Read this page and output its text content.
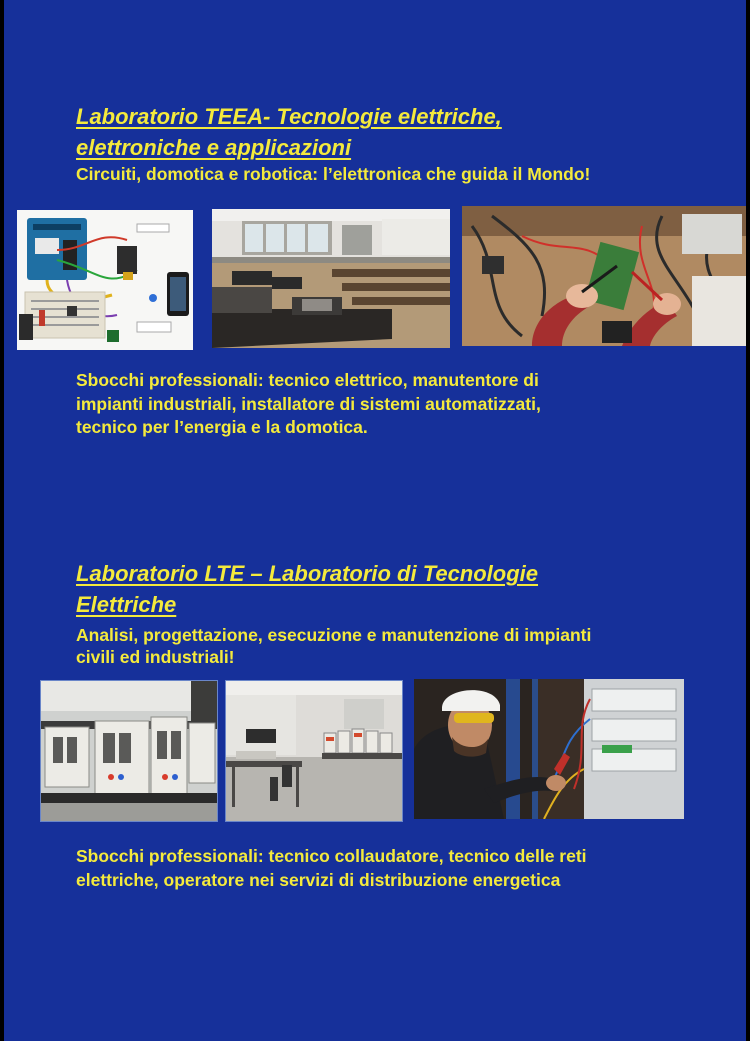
Laboratorio TEEA- Tecnologie elettriche,
elettroniche e applicazioni

Circuiti, domotica e robotica: l’elettronica che guida il Mondo!

Sbocchi professionali: tecnico elettrico, manutentore di
impianti industriali, installatore di sistemi automatizzati,
tecnico per l’energia e la domotica.

Laboratorio LTE – Laboratorio di Tecnologie
Elettriche

Analisi, progettazione, esecuzione e manutenzione di impianti
civili ed industriali!

Sbocchi professionali: tecnico collaudatore, tecnico delle reti
elettriche, operatore nei servizi di distribuzione energetica
